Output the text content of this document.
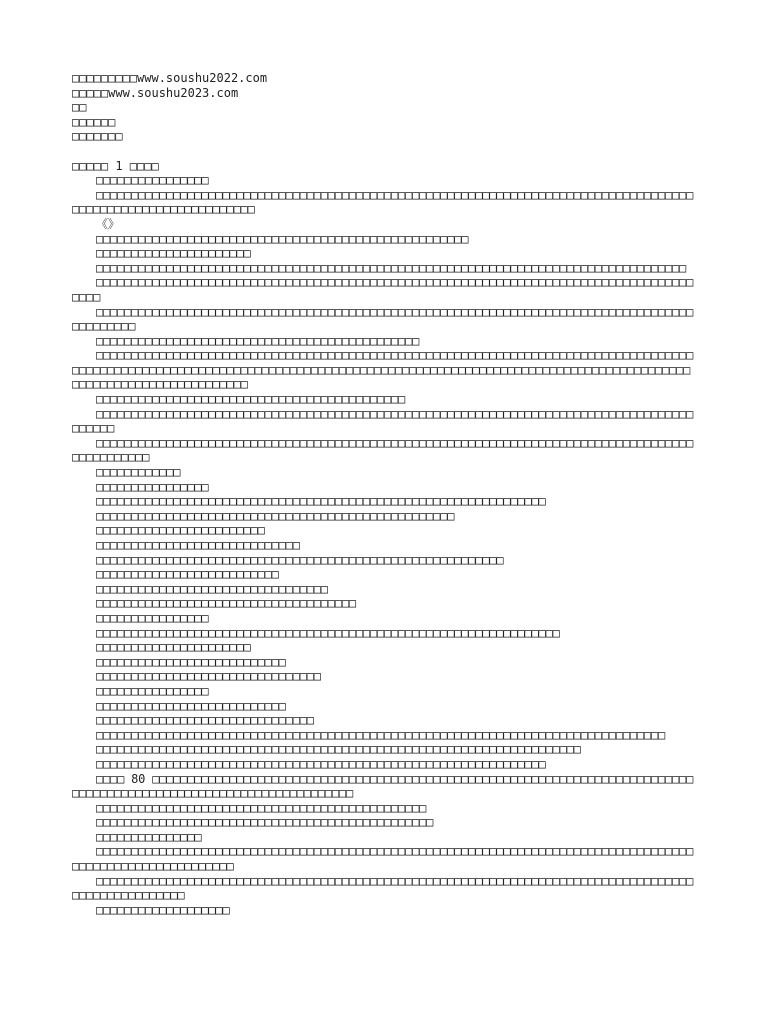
□□□□□□□□□www.soushu2022.com

□□□□□www.soushu2023.com

□□

□□□□□□

□□□□□□□

□□□□□ 1 □□□□

□□□□□□□□□□□□□□□□

□□□□□□□□□□□□□□□□□□□□□□□□□□□□□□□□□□□□□□□□□□□□□□□□□□□□□□□□□□□□□□□□□□□□□□□□□□□□□□□□□□□□□□□□□□□□□□□□□□□□□□□□□□□□□□□

《》

□□□□□□□□□□□□□□□□□□□□□□□□□□□□□□□□□□□□□□□□□□□□□□□□□□□□□

□□□□□□□□□□□□□□□□□□□□□□

□□□□□□□□□□□□□□□□□□□□□□□□□□□□□□□□□□□□□□□□□□□□□□□□□□□□□□□□□□□□□□□□□□□□□□□□□□□□□□□□□□□□

□□□□□□□□□□□□□□□□□□□□□□□□□□□□□□□□□□□□□□□□□□□□□□□□□□□□□□□□□□□□□□□□□□□□□□□□□□□□□□□□□□□□□□□□□

□□□□□□□□□□□□□□□□□□□□□□□□□□□□□□□□□□□□□□□□□□□□□□□□□□□□□□□□□□□□□□□□□□□□□□□□□□□□□□□□□□□□□□□□□□□□□□

□□□□□□□□□□□□□□□□□□□□□□□□□□□□□□□□□□□□□□□□□□□□□□

□□□□□□□□□□□□□□□□□□□□□□□□□□□□□□□□□□□□□□□□□□□□□□□□□□□□□□□□□□□□□□□□□□□□□□□□□□□□□□□□□□□□□□□□□□□□□□□□□□□□□□□□□□□□□□□□□□□□□□□□□□□□□□□□□□□□□□□□□□□□□□□□□□□□□□□□□□□□□□□□□□□□□□□□□□□□□□□□□□□□□□□□□□□□□□□□□□□□□□

□□□□□□□□□□□□□□□□□□□□□□□□□□□□□□□□□□□□□□□□□□□□

□□□□□□□□□□□□□□□□□□□□□□□□□□□□□□□□□□□□□□□□□□□□□□□□□□□□□□□□□□□□□□□□□□□□□□□□□□□□□□□□□□□□□□□□□□□

□□□□□□□□□□□□□□□□□□□□□□□□□□□□□□□□□□□□□□□□□□□□□□□□□□□□□□□□□□□□□□□□□□□□□□□□□□□□□□□□□□□□□□□□□□□□□□□□

□□□□□□□□□□□□

□□□□□□□□□□□□□□□□

□□□□□□□□□□□□□□□□□□□□□□□□□□□□□□□□□□□□□□□□□□□□□□□□□□□□□□□□□□□□□□□□

□□□□□□□□□□□□□□□□□□□□□□□□□□□□□□□□□□□□□□□□□□□□□□□□□□□

□□□□□□□□□□□□□□□□□□□□□□□□

□□□□□□□□□□□□□□□□□□□□□□□□□□□□□

□□□□□□□□□□□□□□□□□□□□□□□□□□□□□□□□□□□□□□□□□□□□□□□□□□□□□□□□□□

□□□□□□□□□□□□□□□□□□□□□□□□□□

□□□□□□□□□□□□□□□□□□□□□□□□□□□□□□□□□

□□□□□□□□□□□□□□□□□□□□□□□□□□□□□□□□□□□□□

□□□□□□□□□□□□□□□□

□□□□□□□□□□□□□□□□□□□□□□□□□□□□□□□□□□□□□□□□□□□□□□□□□□□□□□□□□□□□□□□□□□

□□□□□□□□□□□□□□□□□□□□□□

□□□□□□□□□□□□□□□□□□□□□□□□□□□

□□□□□□□□□□□□□□□□□□□□□□□□□□□□□□□□

□□□□□□□□□□□□□□□□

□□□□□□□□□□□□□□□□□□□□□□□□□□□

□□□□□□□□□□□□□□□□□□□□□□□□□□□□□□□

□□□□□□□□□□□□□□□□□□□□□□□□□□□□□□□□□□□□□□□□□□□□□□□□□□□□□□□□□□□□□□□□□□□□□□□□□□□□□□□□□

□□□□□□□□□□□□□□□□□□□□□□□□□□□□□□□□□□□□□□□□□□□□□□□□□□□□□□□□□□□□□□□□□□□□□

□□□□□□□□□□□□□□□□□□□□□□□□□□□□□□□□□□□□□□□□□□□□□□□□□□□□□□□□□□□□□□□□

□□□□ 80 □□□□□□□□□□□□□□□□□□□□□□□□□□□□□□□□□□□□□□□□□□□□□□□□□□□□□□□□□□□□□□□□□□□□□□□□□□□□□□□□□□□□□□□□□□□□□□□□□□□□□□□□□□□□□□□□□□□□□

□□□□□□□□□□□□□□□□□□□□□□□□□□□□□□□□□□□□□□□□□□□□□□□

□□□□□□□□□□□□□□□□□□□□□□□□□□□□□□□□□□□□□□□□□□□□□□□□

□□□□□□□□□□□□□□□

□□□□□□□□□□□□□□□□□□□□□□□□□□□□□□□□□□□□□□□□□□□□□□□□□□□□□□□□□□□□□□□□□□□□□□□□□□□□□□□□□□□□□□□□□□□□□□□□□□□□□□□□□□□□

□□□□□□□□□□□□□□□□□□□□□□□□□□□□□□□□□□□□□□□□□□□□□□□□□□□□□□□□□□□□□□□□□□□□□□□□□□□□□□□□□□□□□□□□□□□□□□□□□□□□□

□□□□□□□□□□□□□□□□□□□
